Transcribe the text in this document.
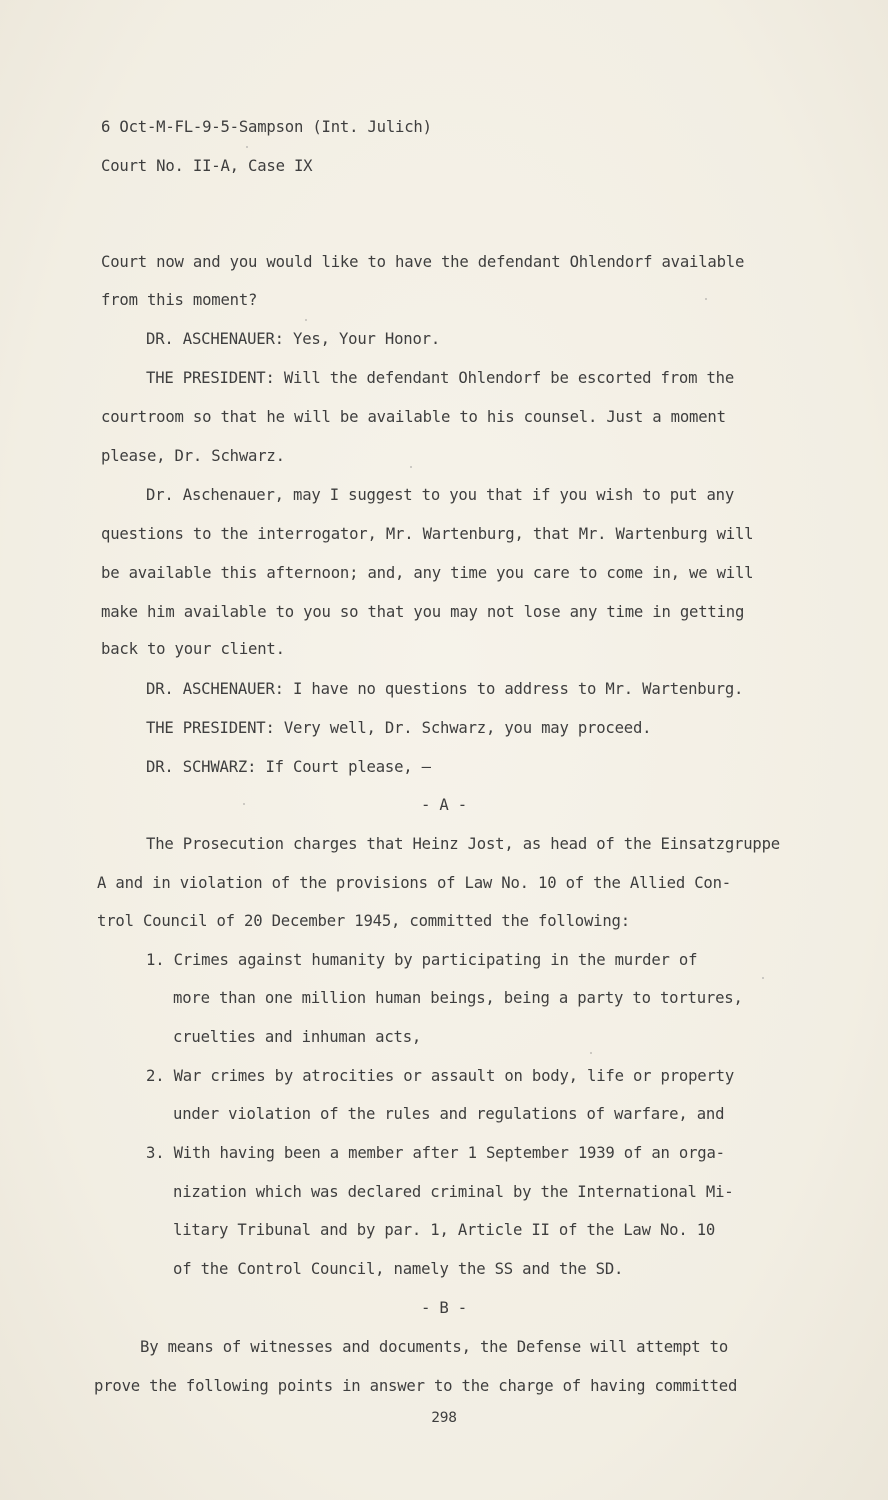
6 Oct-M-FL-9-5-Sampson (Int. Julich)
Court No. II-A, Case IX
Court now and you would like to have the defendant Ohlendorf available
from this moment?
DR. ASCHENAUER: Yes, Your Honor.
THE PRESIDENT: Will the defendant Ohlendorf be escorted from the
courtroom so that he will be available to his counsel. Just a moment
please, Dr. Schwarz.
Dr. Aschenauer, may I suggest to you that if you wish to put any
questions to the interrogator, Mr. Wartenburg, that Mr. Wartenburg will
be available this afternoon; and, any time you care to come in, we will
make him available to you so that you may not lose any time in getting
back to your client.
DR. ASCHENAUER: I have no questions to address to Mr. Wartenburg.
THE PRESIDENT: Very well, Dr. Schwarz, you may proceed.
DR. SCHWARZ: If Court please, —
- A -
The Prosecution charges that Heinz Jost, as head of the Einsatzgruppe
A and in violation of the provisions of Law No. 10 of the Allied Con-
trol Council of 20 December 1945, committed the following:
1. Crimes against humanity by participating in the murder of
more than one million human beings, being a party to tortures,
cruelties and inhuman acts,
2. War crimes by atrocities or assault on body, life or property
under violation of the rules and regulations of warfare, and
3. With having been a member after 1 September 1939 of an orga-
nization which was declared criminal by the International Mi-
litary Tribunal and by par. 1, Article II of the Law No. 10
of the Control Council, namely the SS and the SD.
- B -
By means of witnesses and documents, the Defense will attempt to
prove the following points in answer to the charge of having committed
298
